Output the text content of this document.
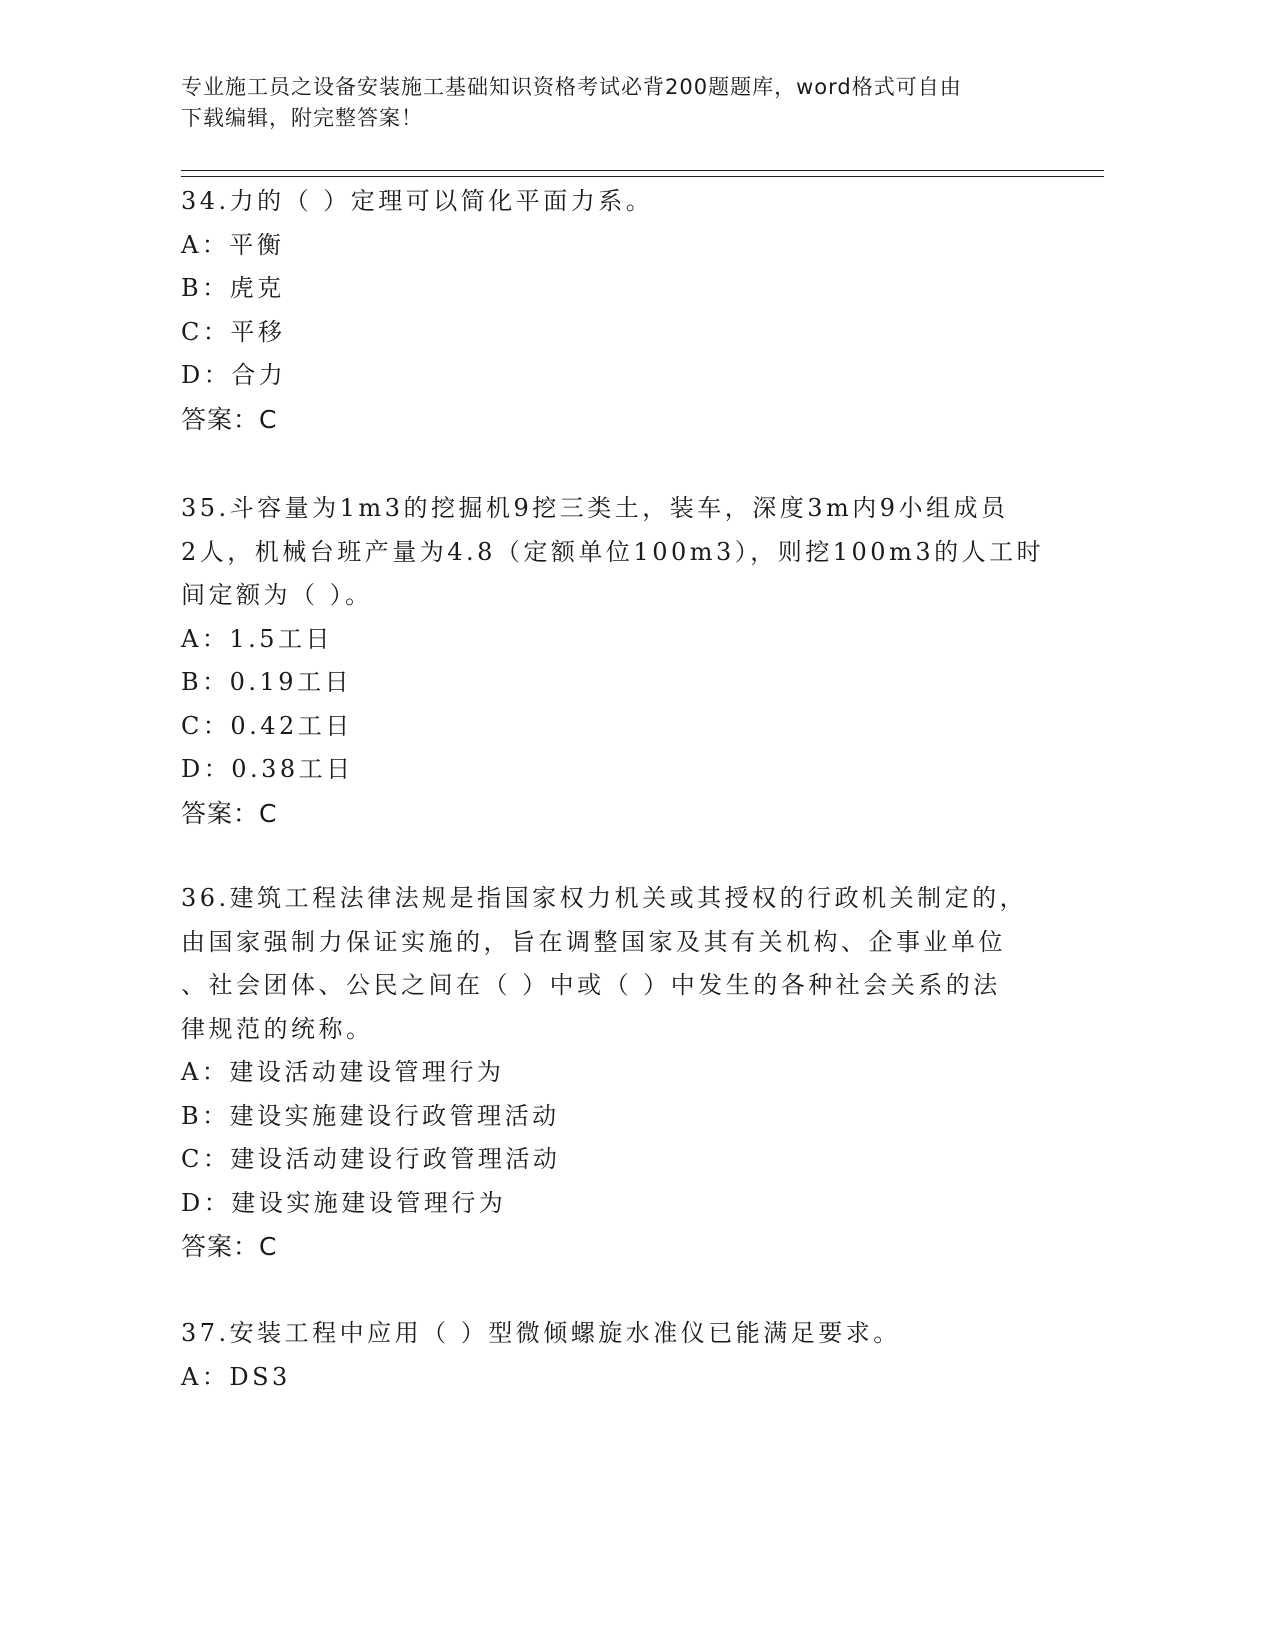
专业施工员之设备安装施工基础知识资格考试必背200题题库，word格式可自由
下载编辑，附完整答案！
34.力的（ ）定理可以简化平面力系。
A：平衡
B：虎克
C：平移
D：合力
答案：C
35.斗容量为1m3的挖掘机9挖三类土，装车，深度3m内9小组成员
2人，机械台班产量为4.8（定额单位100m3），则挖100m3的人工时
间定额为（ ）。
A：1.5工日
B：0.19工日
C：0.42工日
D：0.38工日
答案：C
36.建筑工程法律法规是指国家权力机关或其授权的行政机关制定的，
由国家强制力保证实施的，旨在调整国家及其有关机构、企事业单位
、社会团体、公民之间在（ ）中或（ ）中发生的各种社会关系的法
律规范的统称。
A：建设活动建设管理行为
B：建设实施建设行政管理活动
C：建设活动建设行政管理活动
D：建设实施建设管理行为
答案：C
37.安装工程中应用（ ）型微倾螺旋水准仪已能满足要求。
A：DS3
